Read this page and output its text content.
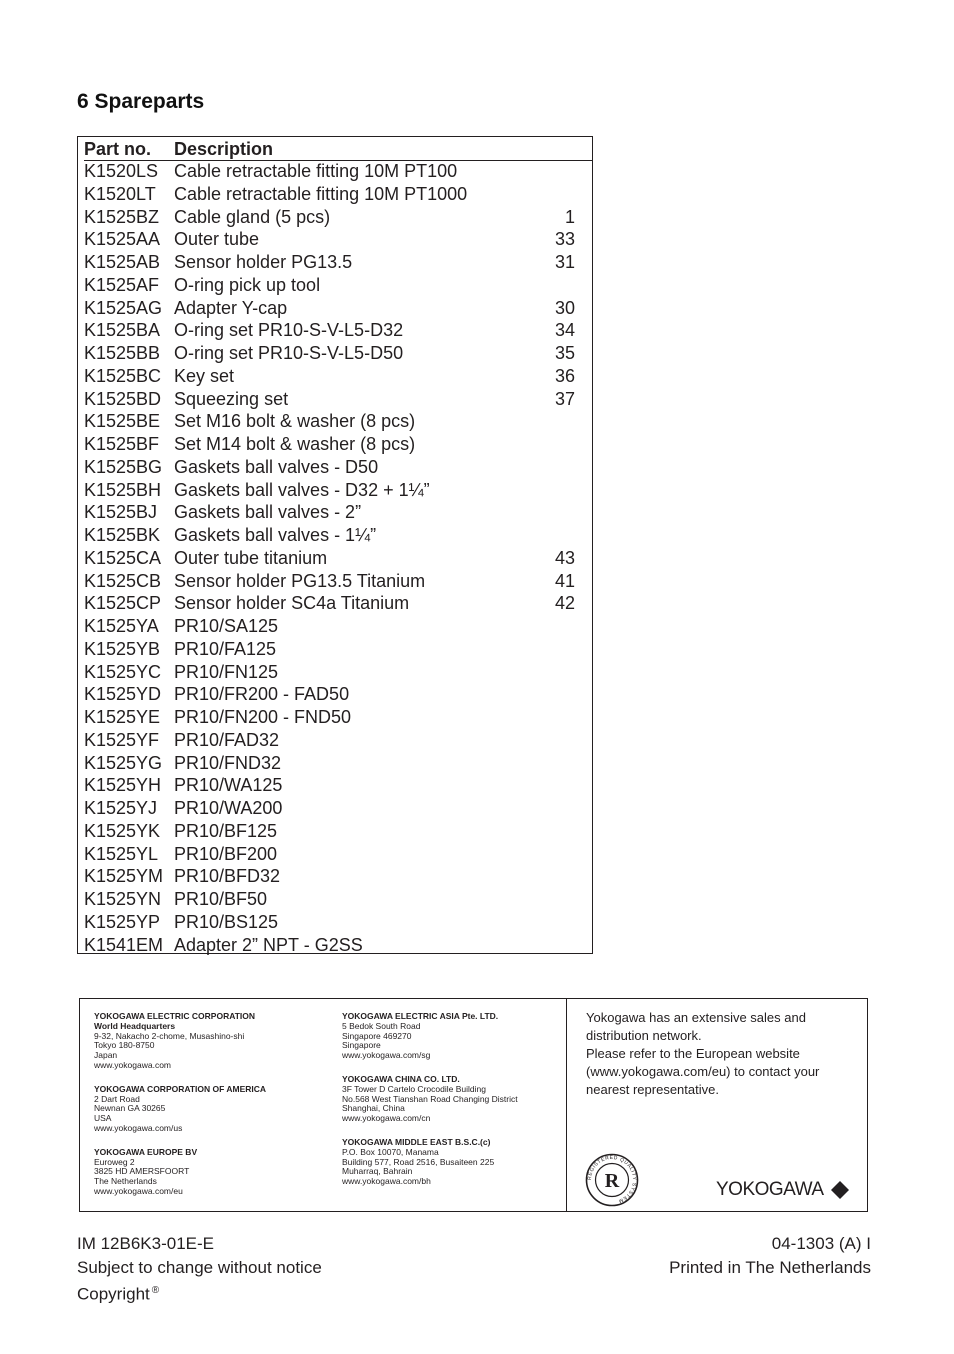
6 Spareparts
Part no. Description
K1520LS Cable retractable fitting 10M PT100
K1520LT Cable retractable fitting 10M PT1000
K1525BZ Cable gland (5 pcs)	1
K1525AA Outer tube	33
K1525AB Sensor holder PG13.5	31
K1525AF O-ring pick up tool
K1525AG Adapter Y-cap	30
K1525BA O-ring set PR10-S-V-L5-D32	34
K1525BB O-ring set PR10-S-V-L5-D50	35
K1525BC Key set	36
K1525BD Squeezing set	37
K1525BE Set M16 bolt & washer (8 pcs)
K1525BF Set M14 bolt & washer (8 pcs)
K1525BG Gaskets ball valves - D50
K1525BH Gaskets ball valves - D32 + 1¼”
K1525BJ Gaskets ball valves - 2”
K1525BK Gaskets ball valves - 1¼”
K1525CA Outer tube titanium	43
K1525CB Sensor holder PG13.5 Titanium	41
K1525CP Sensor holder SC4a Titanium	42
K1525YA PR10/SA125
K1525YB PR10/FA125
K1525YC PR10/FN125
K1525YD PR10/FR200 - FAD50
K1525YE PR10/FN200 - FND50
K1525YF PR10/FAD32
K1525YG PR10/FND32
K1525YH PR10/WA125
K1525YJ PR10/WA200
K1525YK PR10/BF125
K1525YL PR10/BF200
K1525YM PR10/BFD32
K1525YN PR10/BF50
K1525YP PR10/BS125
K1541EM Adapter 2” NPT - G2SS

YOKOGAWA ELECTRIC CORPORATION
World Headquarters
9-32, Nakacho 2-chome, Musashino-shi
Tokyo 180-8750
Japan
www.yokogawa.com

YOKOGAWA CORPORATION OF AMERICA
2 Dart Road
Newnan GA 30265
USA
www.yokogawa.com/us

YOKOGAWA EUROPE BV
Euroweg 2
3825 HD AMERSFOORT
The Netherlands
www.yokogawa.com/eu

YOKOGAWA ELECTRIC ASIA Pte. LTD.
5 Bedok South Road
Singapore 469270
Singapore
www.yokogawa.com/sg

YOKOGAWA CHINA CO. LTD.
3F Tower D Cartelo Crocodile Building
No.568 West Tianshan Road Changing District
Shanghai, China
www.yokogawa.com/cn

YOKOGAWA MIDDLE EAST B.S.C.(c)
P.O. Box 10070, Manama
Building 577, Road 2516, Busaiteen 225
Muharraq, Bahrain
www.yokogawa.com/bh

Yokogawa has an extensive sales and
distribution network.
Please refer to the European website
(www.yokogawa.com/eu) to contact your
nearest representative.

REGISTERED QUALITY SYSTEM
R	YOKOGAWA
IM 12B6K3-01E-E
Subject to change without notice
Copyright ®
04-1303 (A) I
Printed in The Netherlands
